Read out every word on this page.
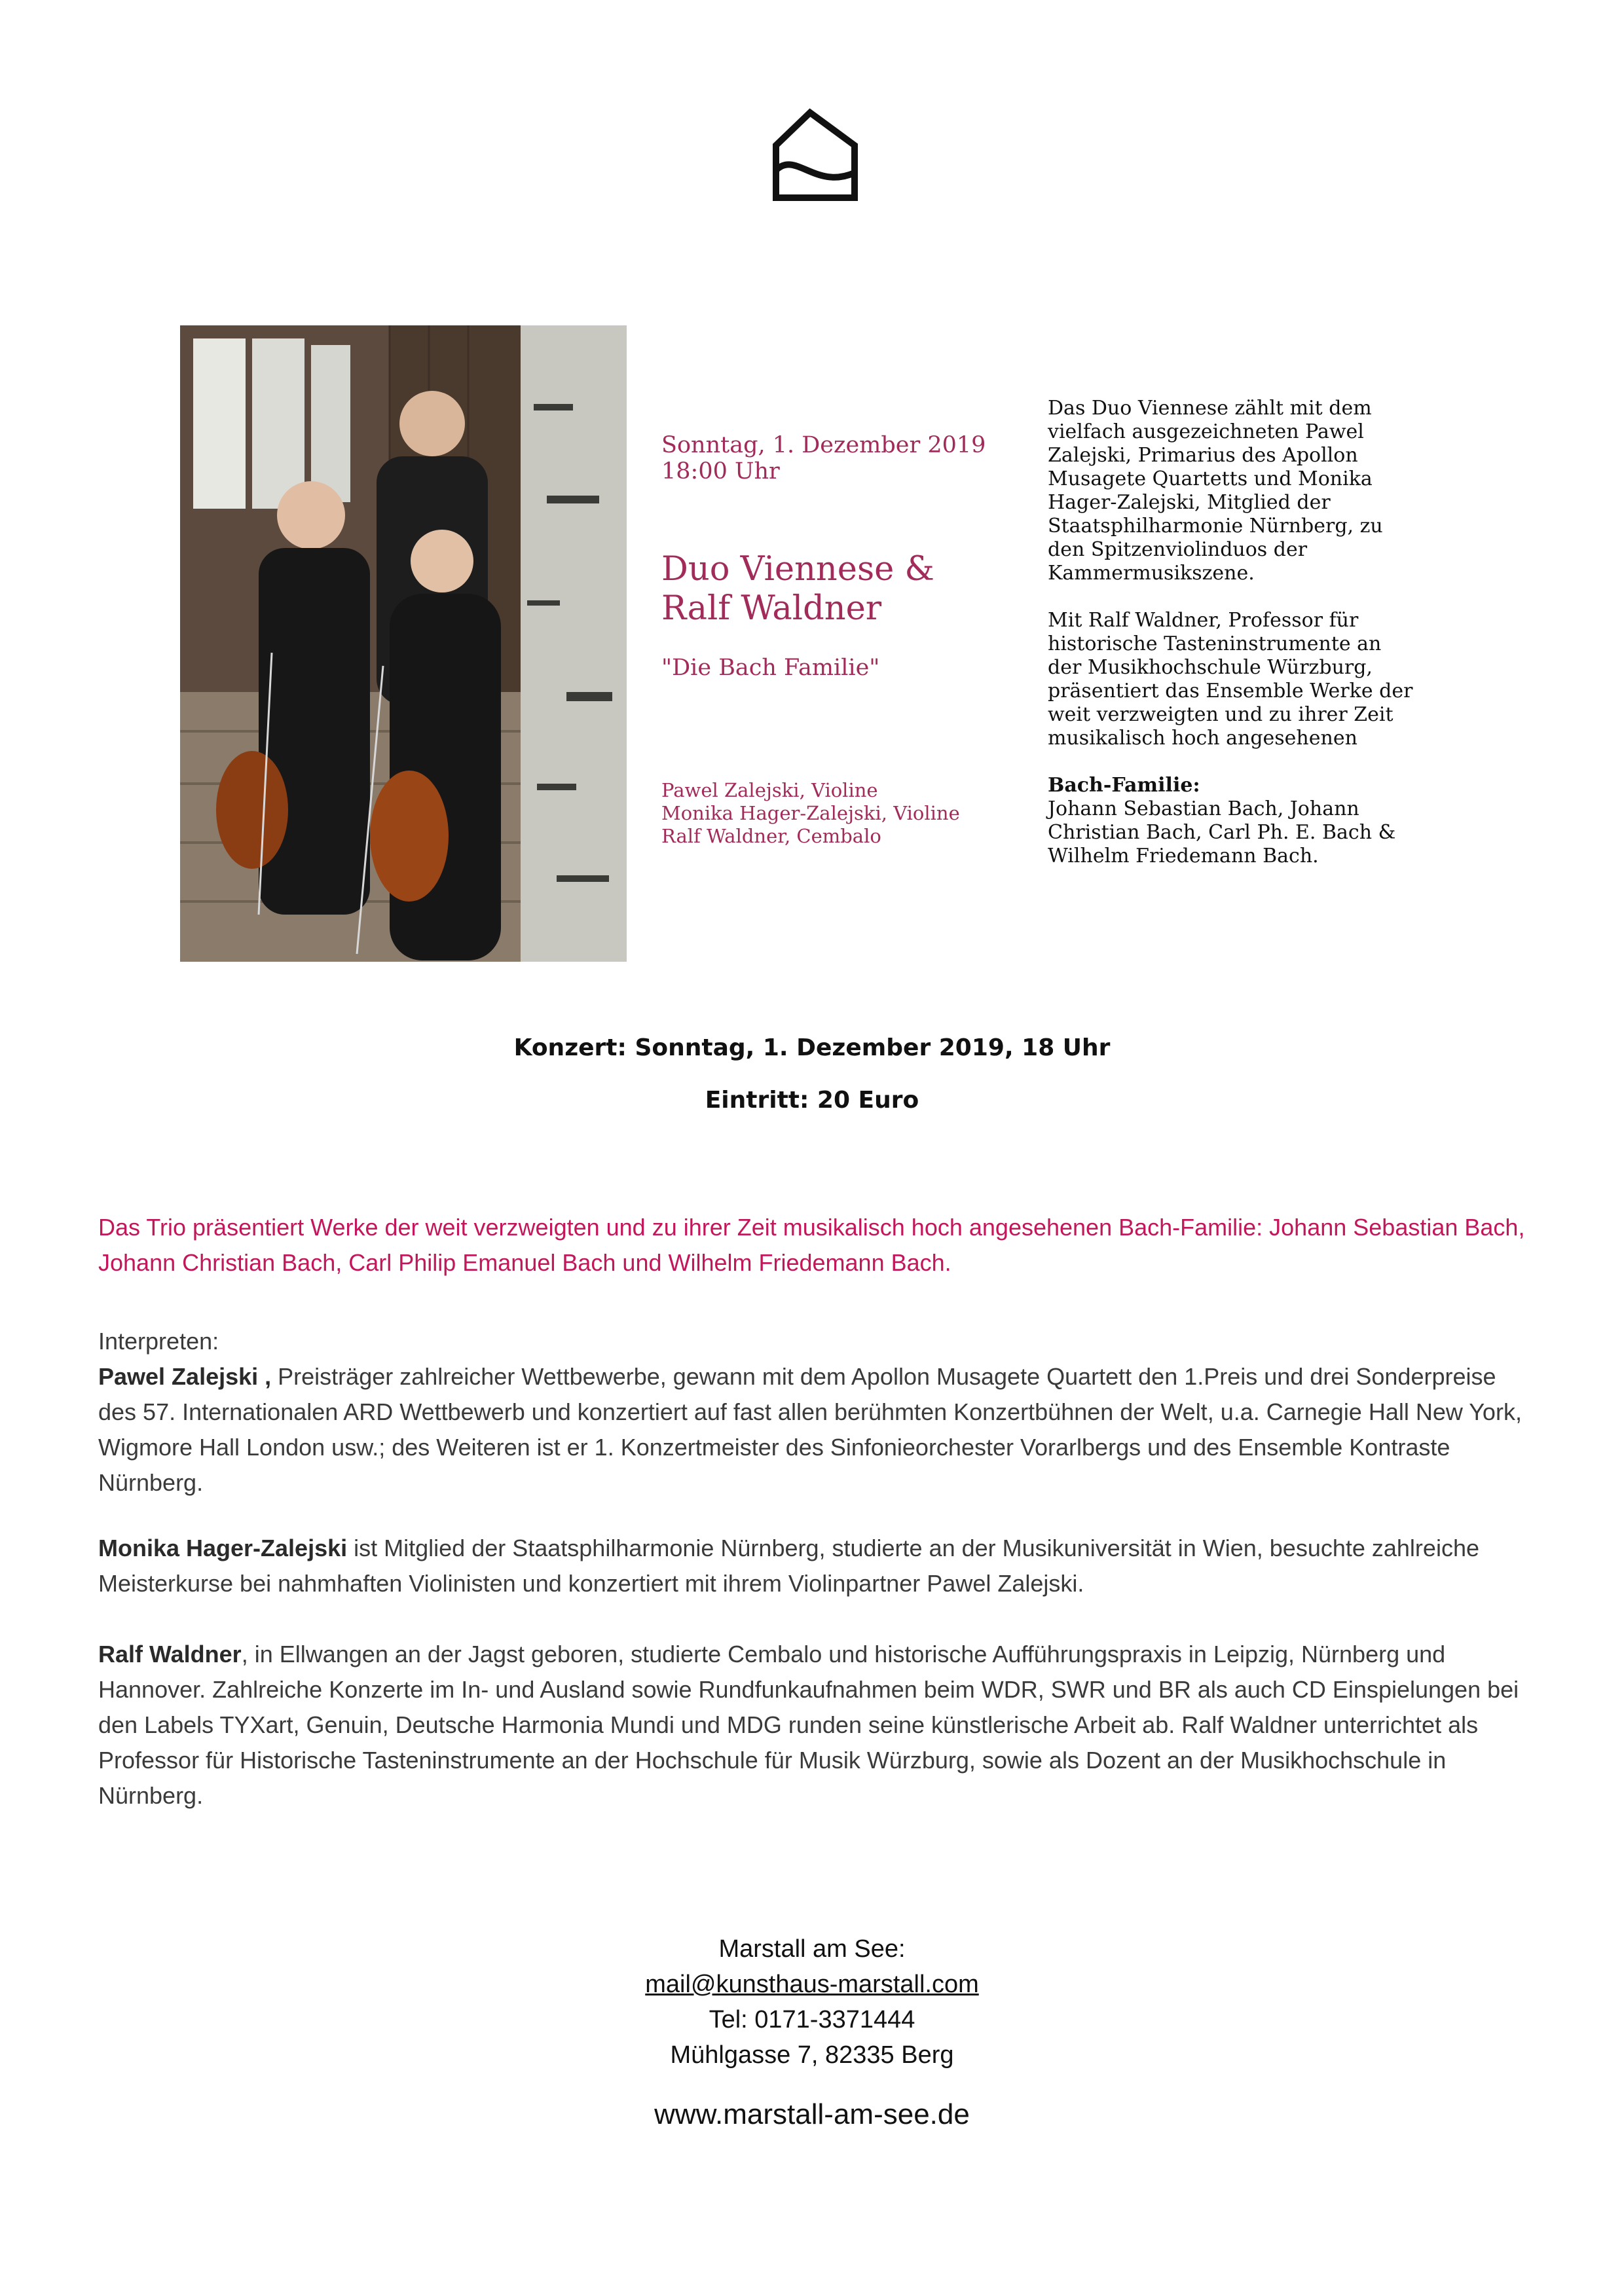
Sonntag, 1. Dezember 2019

18:00 Uhr

Duo Viennese &
Ralf Waldner
"Die Bach Familie"
Pawel Zalejski, Violine
Monika Hager-Zalejski, Violine
Ralf Waldner, Cembalo

Das Duo Viennese zählt mit dem vielfach ausgezeichneten Pawel Zalejski, Primarius des Apollon Musagete Quartetts und Monika Hager-Zalejski, Mitglied der Staatsphilharmonie Nürnberg, zu den Spitzenviolinduos der Kammermusikszene.

Mit Ralf Waldner, Professor für historische Tasteninstrumente an der Musikhochschule Würzburg, präsentiert das Ensemble Werke der weit verzweigten und zu ihrer Zeit musikalisch hoch angesehenen

Bach-Familie:

Johann Sebastian Bach, Johann Christian Bach, Carl Ph. E. Bach & Wilhelm Friedemann Bach.

Konzert: Sonntag, 1. Dezember 2019, 18 Uhr
Eintritt: 20 Euro
Das Trio präsentiert Werke der weit verzweigten und zu ihrer Zeit musikalisch hoch angesehenen Bach-Familie: Johann Sebastian Bach, Johann Christian Bach, Carl Philip Emanuel Bach und Wilhelm Friedemann Bach.

Interpreten:

Pawel Zalejski , Preisträger zahlreicher Wettbewerbe, gewann mit dem Apollon Musagete Quartett den 1.Preis und drei Sonderpreise des 57. Internationalen ARD Wettbewerb und konzertiert auf fast allen berühmten Konzertbühnen der Welt, u.a. Carnegie Hall New York, Wigmore Hall London usw.; des Weiteren ist er 1. Konzertmeister des Sinfonieorchester Vorarlbergs und des Ensemble Kontraste Nürnberg.

Monika Hager-Zalejski ist Mitglied der Staatsphilharmonie Nürnberg, studierte an der Musikuniversität in Wien, besuchte zahlreiche Meisterkurse bei nahmhaften Violinisten und konzertiert mit ihrem Violinpartner Pawel Zalejski.

Ralf Waldner, in Ellwangen an der Jagst geboren, studierte Cembalo und historische Aufführungspraxis in Leipzig, Nürnberg und Hannover. Zahlreiche Konzerte im In- und Ausland sowie Rundfunkaufnahmen beim WDR, SWR und BR als auch CD Einspielungen bei den Labels TYXart, Genuin, Deutsche Harmonia Mundi und MDG runden seine künstlerische Arbeit ab. Ralf Waldner unterrichtet als Professor für Historische Tasteninstrumente an der Hochschule für Musik Würzburg, sowie als Dozent an der Musikhochschule in Nürnberg.

Marstall am See:
mail@kunsthaus-marstall.com
Tel: 0171-3371444
Mühlgasse 7, 82335 Berg
www.marstall-am-see.de
